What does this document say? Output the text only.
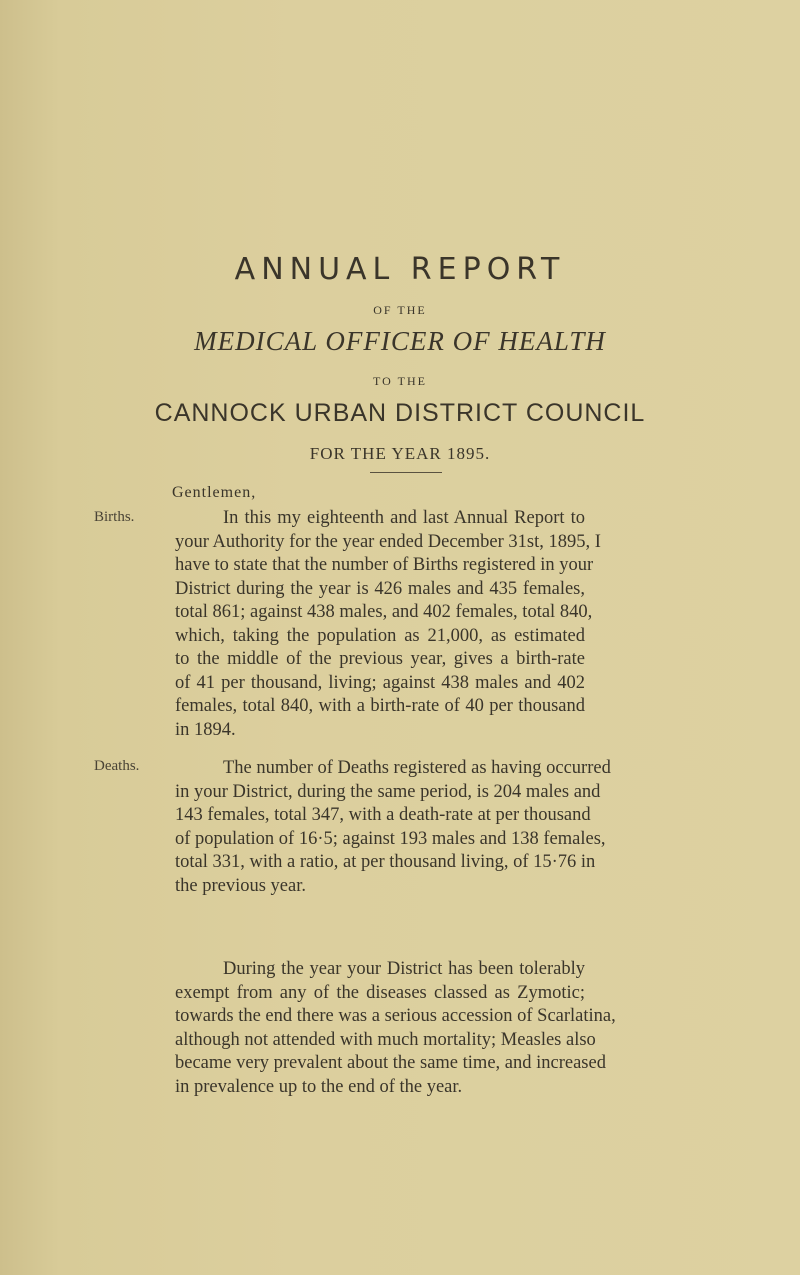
ANNUAL REPORT
OF THE
MEDICAL OFFICER OF HEALTH
TO THE
CANNOCK URBAN DISTRICT COUNCIL
FOR THE YEAR 1895.
Gentlemen,
Births.
Deaths.
In this my eighteenth and last Annual Report to
your Authority for the year ended December 31st, 1895, I
have to state that the number of Births registered in your
District during the year is 426 males and 435 females,
total 861; against 438 males, and 402 females, total 840,
which, taking the population as 21,000, as estimated
to the middle of the previous year, gives a birth-rate
of 41 per thousand, living; against 438 males and 402
females, total 840, with a birth-rate of 40 per thousand
in 1894.
The number of Deaths registered as having occurred
in your District, during the same period, is 204 males and
143 females, total 347, with a death-rate at per thousand
of population of 16·5; against 193 males and 138 females,
total 331, with a ratio, at per thousand living, of 15·76 in
the previous year.
During the year your District has been tolerably
exempt from any of the diseases classed as Zymotic;
towards the end there was a serious accession of Scarlatina,
although not attended with much mortality; Measles also
became very prevalent about the same time, and increased
in prevalence up to the end of the year.
